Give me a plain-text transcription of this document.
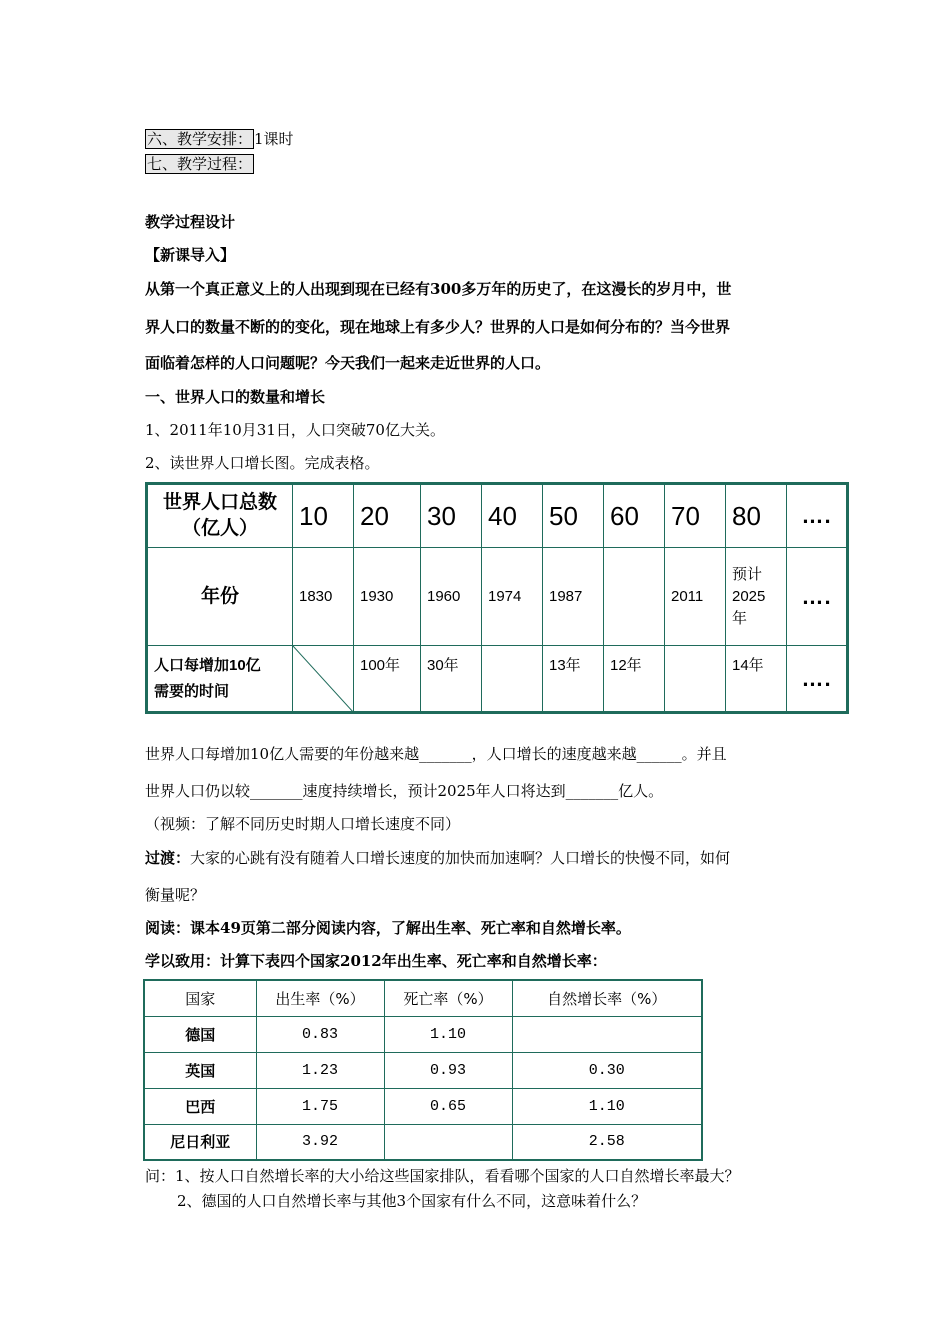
六、教学安排： 1课时
七、教学过程：
教学过程设计
【新课导入】
从第一个真正意义上的人出现到现在已经有300多万年的历史了，在这漫长的岁月中，世
界人口的数量不断的的变化，现在地球上有多少人？世界的人口是如何分布的？当今世界
面临着怎样的人口问题呢？今天我们一起来走近世界的人口。
一、世界人口的数量和增长
1、2011年10月31日，人口突破70亿大关。
2、读世界人口增长图。完成表格。
世界人口总数
（亿人）	10	20	30	40	50	60	70	80	….
年份	1830	1930	1960	1974	1987		2011	预计
2025
年	….

人口每增加10亿
需要的时间		100年	30年		13年	12年		14年	….
世界人口每增加10亿人需要的年份越来越_______，人口增长的速度越来越______。并且
世界人口仍以较_______速度持续增长，预计2025年人口将达到_______亿人。
（视频：了解不同历史时期人口增长速度不同）
过渡：大家的心跳有没有随着人口增长速度的加快而加速啊？人口增长的快慢不同，如何
衡量呢？
阅读：课本49页第二部分阅读内容，了解出生率、死亡率和自然增长率。
学以致用：计算下表四个国家2012年出生率、死亡率和自然增长率：
国家	出生率（%）	死亡率（%）	自然增长率（%）
德国	0.83	1.10	
英国	1.23	0.93	0.30
巴西	1.75	0.65	1.10
尼日利亚	3.92		2.58
问：1、按人口自然增长率的大小给这些国家排队，看看哪个国家的人口自然增长率最大？
2、德国的人口自然增长率与其他3个国家有什么不同，这意味着什么？
